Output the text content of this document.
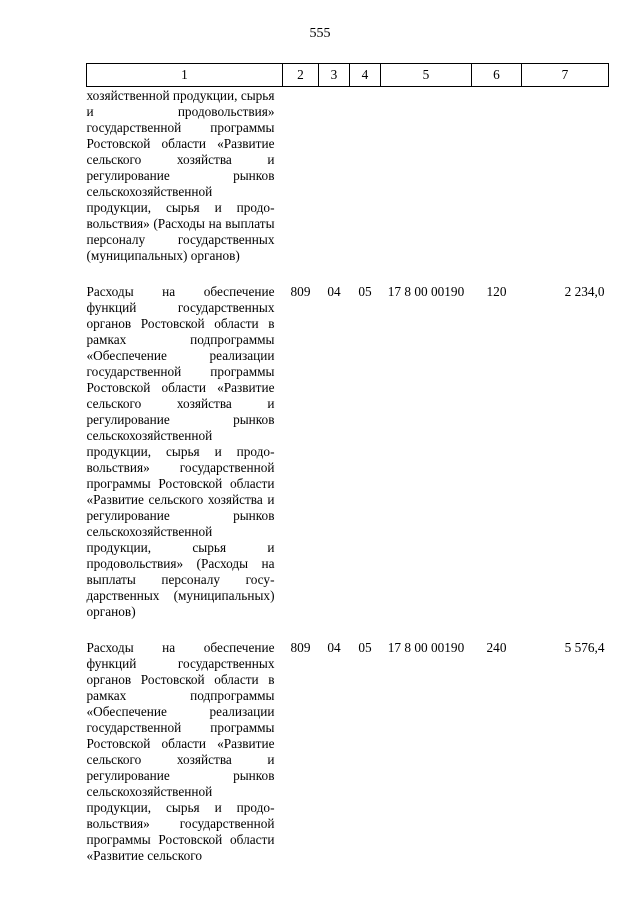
555
1	2	3	4	5	6	7
хозяйственной продукции, сырья и продовольствия» государственной программы Ростовской области «Развитие сельского хозяйства и регулирование рынков сельскохозяйственной продукции, сырья и продовольствия» (Расходы на выплаты персоналу государственных (муниципальных) органов)						
Расходы на обеспечение функций государственных органов Ростовской области в рамках подпрограммы «Обеспечение реализации государственной программы Ростовской области «Развитие сельского хозяйства и регулирование рынков сельскохозяйственной продукции, сырья и продовольствия» государственной программы Ростовской области «Развитие сельского хозяйства и регулирование рынков сельскохозяйственной продукции, сырья и продовольствия» (Расходы на выплаты персоналу государственных (муниципальных) органов)	809	04	05	17 8 00 00190	120	2 234,0
Расходы на обеспечение функций государственных органов Ростовской области в рамках подпрограммы «Обеспечение реализации государственной программы Ростовской области «Развитие сельского хозяйства и регулирование рынков сельскохозяйственной продукции, сырья и продовольствия» государственной программы Ростовской области «Развитие сельского	809	04	05	17 8 00 00190	240	5 576,4
